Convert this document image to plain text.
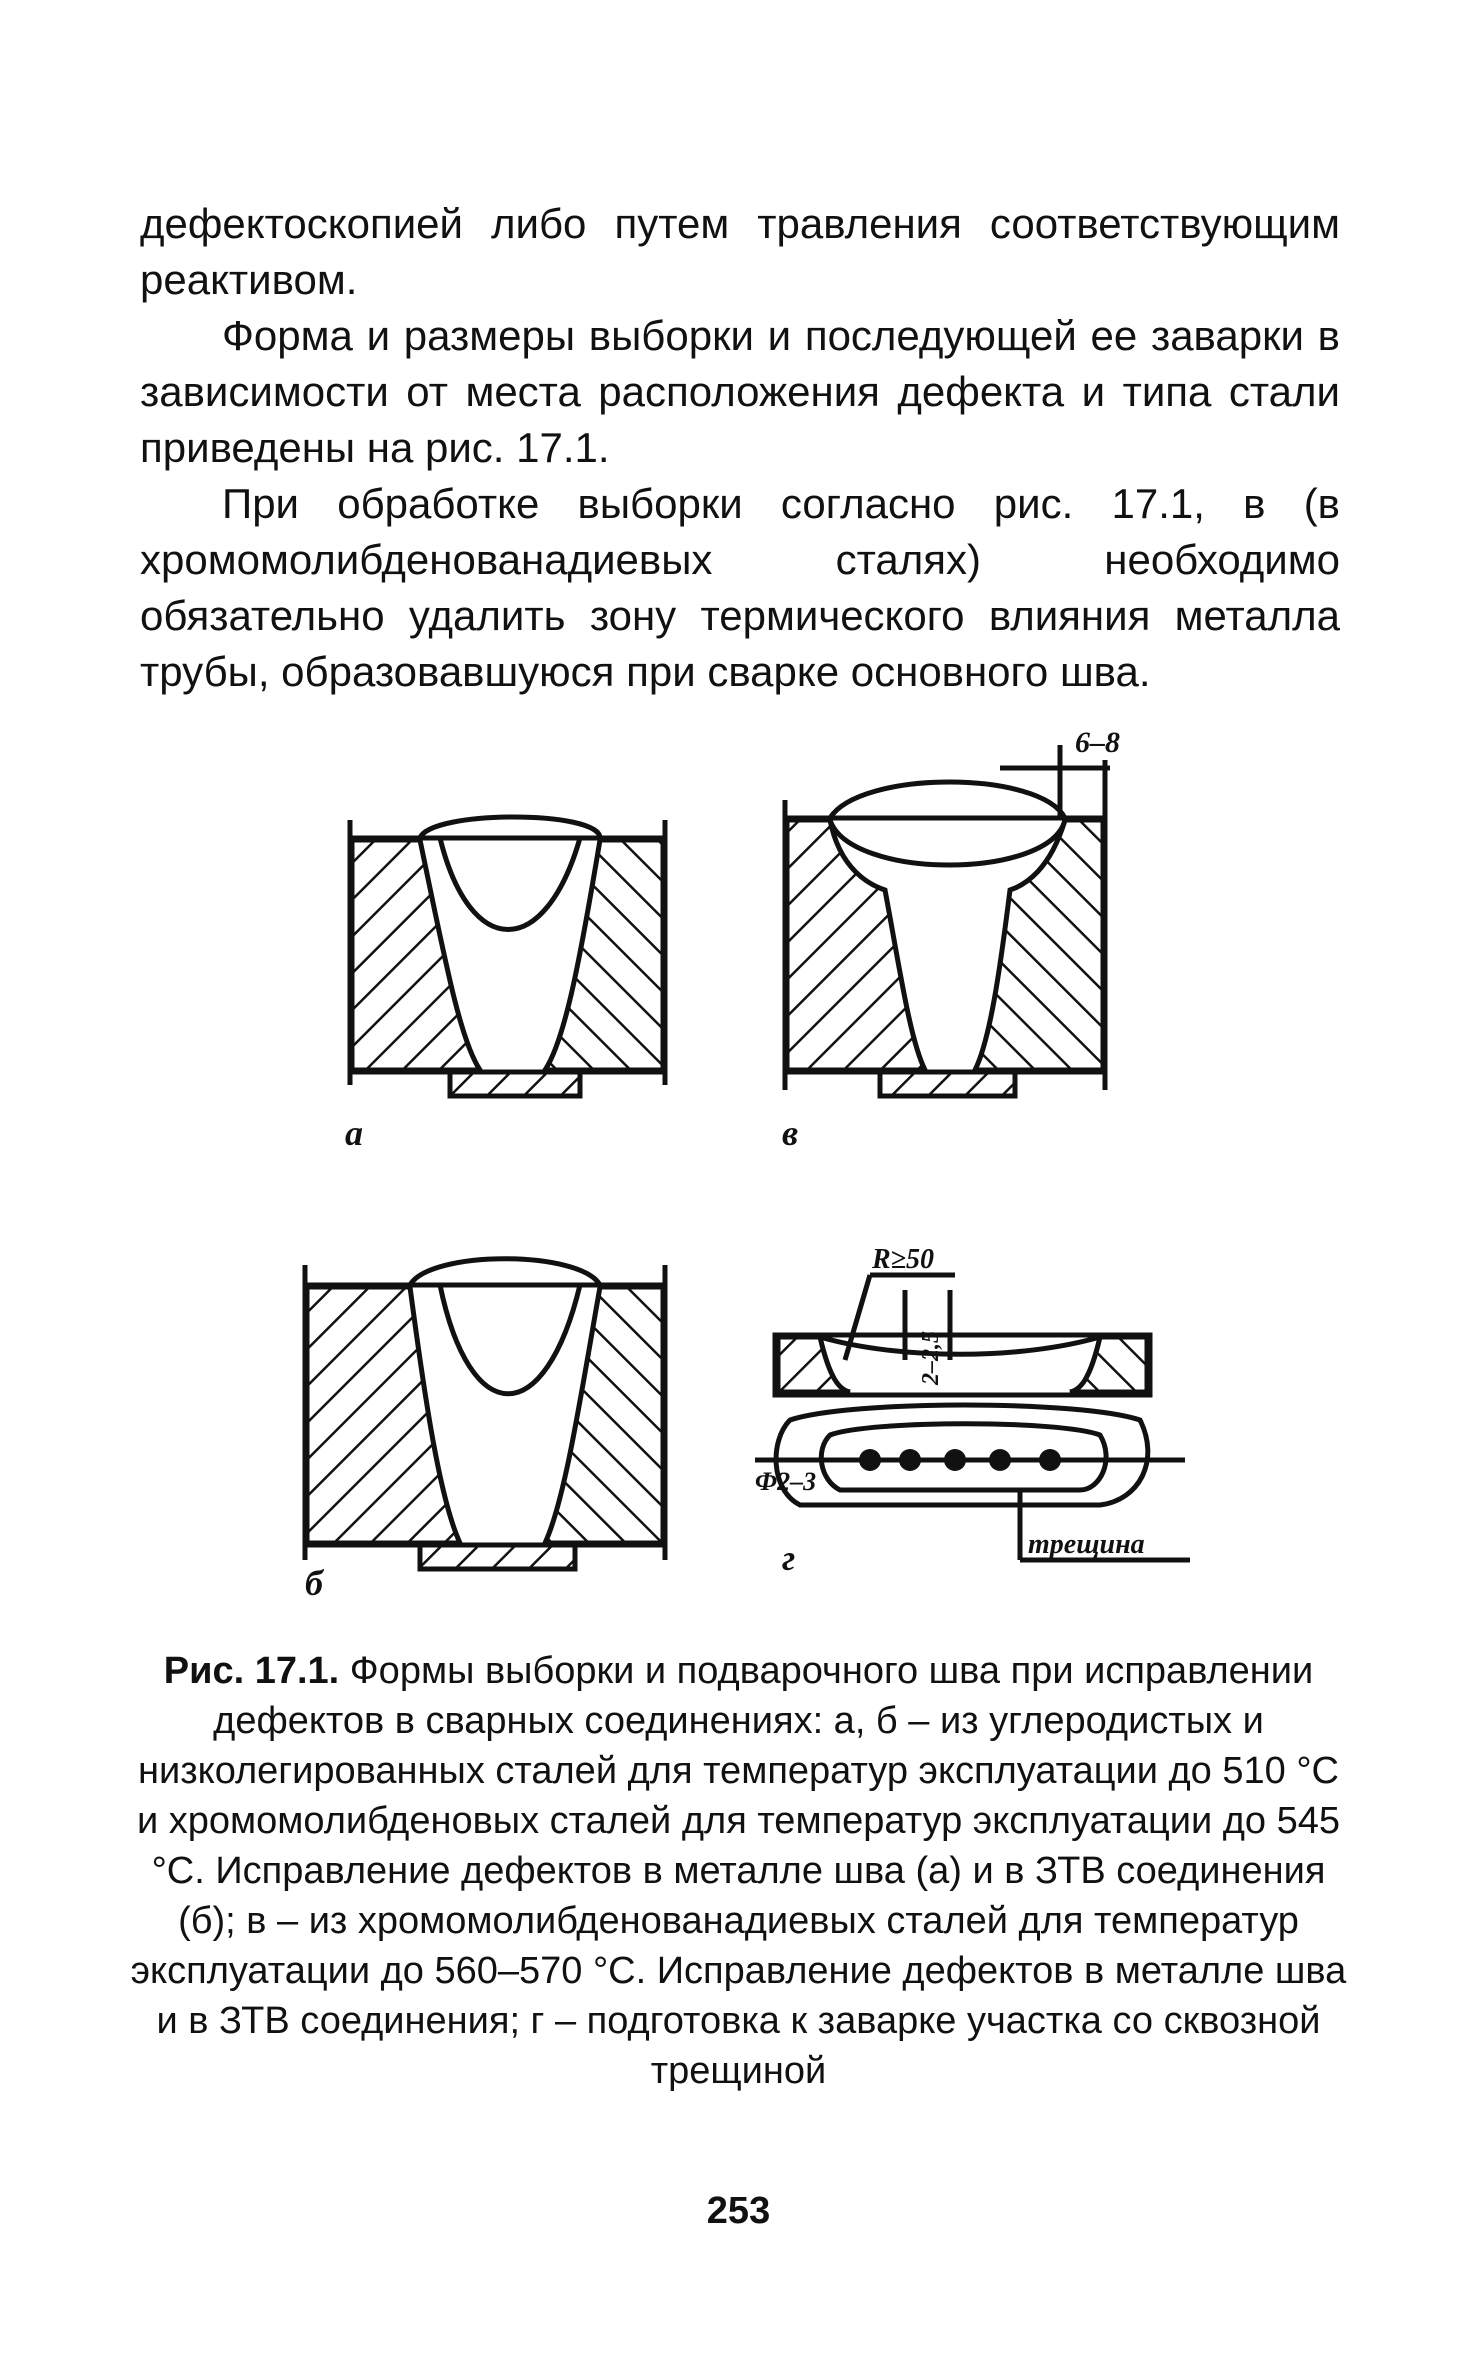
дефектоскопией либо путем травления соответствующим реактивом.

Форма и размеры выборки и последующей ее заварки в зависимости от места расположения дефекта и типа стали приведены на рис. 17.1.

При обработке выборки согласно рис. 17.1, в (в хромомолибденованадиевых сталях) необходимо обязательно удалить зону термического влияния металла трубы, образовавшуюся при сварке основного шва.

а
6–8
в
б
R≥50
2–2,5
Ф2–3
трещина
г
Рис. 17.1. Формы выборки и подварочного шва при исправлении дефектов в сварных соединениях: а, б – из углеродистых и низколегированных сталей для температур эксплуатации до 510 °С и хромомолибденовых сталей для температур эксплуатации до 545 °С. Исправление дефектов в металле шва (а) и в ЗТВ соединения (б); в – из хромомолибденованадиевых сталей для температур эксплуатации до 560–570 °С. Исправление дефектов в металле шва и в ЗТВ соединения; г – подготовка к заварке участка со сквозной трещиной
253
